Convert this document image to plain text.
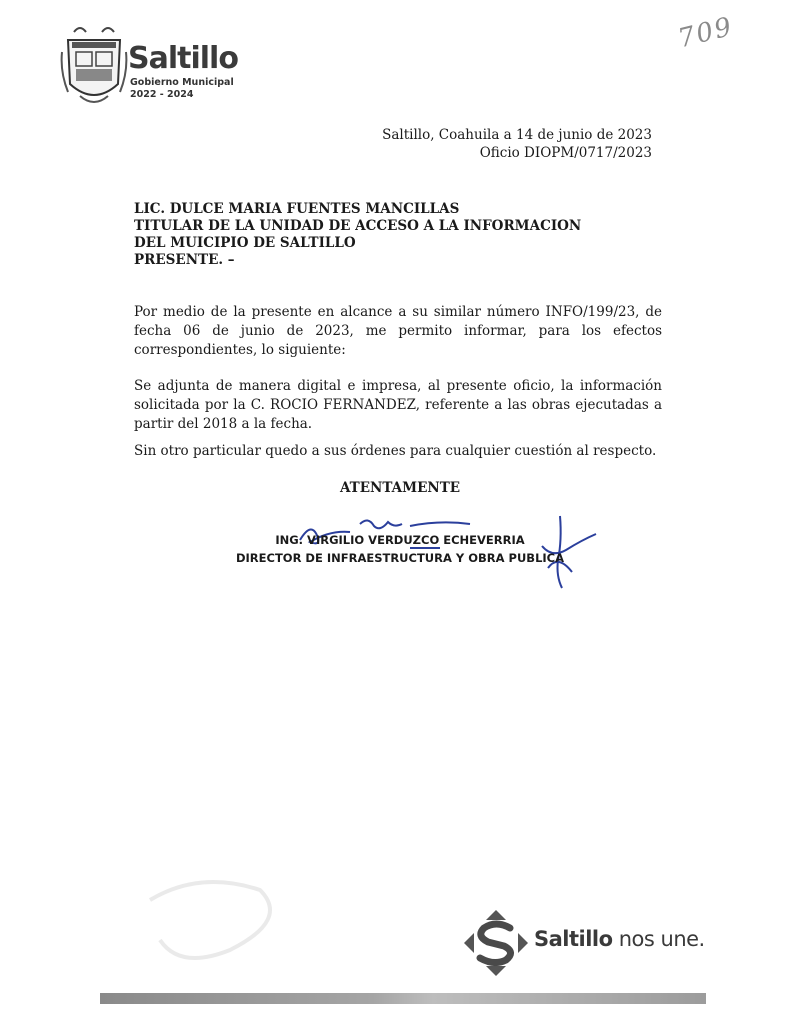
Saltillo
Gobierno Municipal
2022 - 2024
709
Saltillo, Coahuila a 14 de junio de 2023
Oficio DIOPM/0717/2023
LIC. DULCE MARIA FUENTES MANCILLAS
TITULAR DE LA UNIDAD DE ACCESO A LA INFORMACION
DEL MUICIPIO DE SALTILLO
PRESENTE. –
Por medio de la presente en alcance a su similar número INFO/199/23, de fecha 06 de junio de 2023, me permito informar, para los efectos correspondientes, lo siguiente:
Se adjunta de manera digital e impresa, al presente oficio, la información solicitada por la C. ROCIO FERNANDEZ, referente a las obras ejecutadas a partir del 2018 a la fecha.
Sin otro particular quedo a sus órdenes para cualquier cuestión al respecto.
ATENTAMENTE
ING. VIRGILIO VERDUZCO ECHEVERRIA
DIRECTOR DE INFRAESTRUCTURA Y OBRA PUBLICA
Saltillo nos une.
